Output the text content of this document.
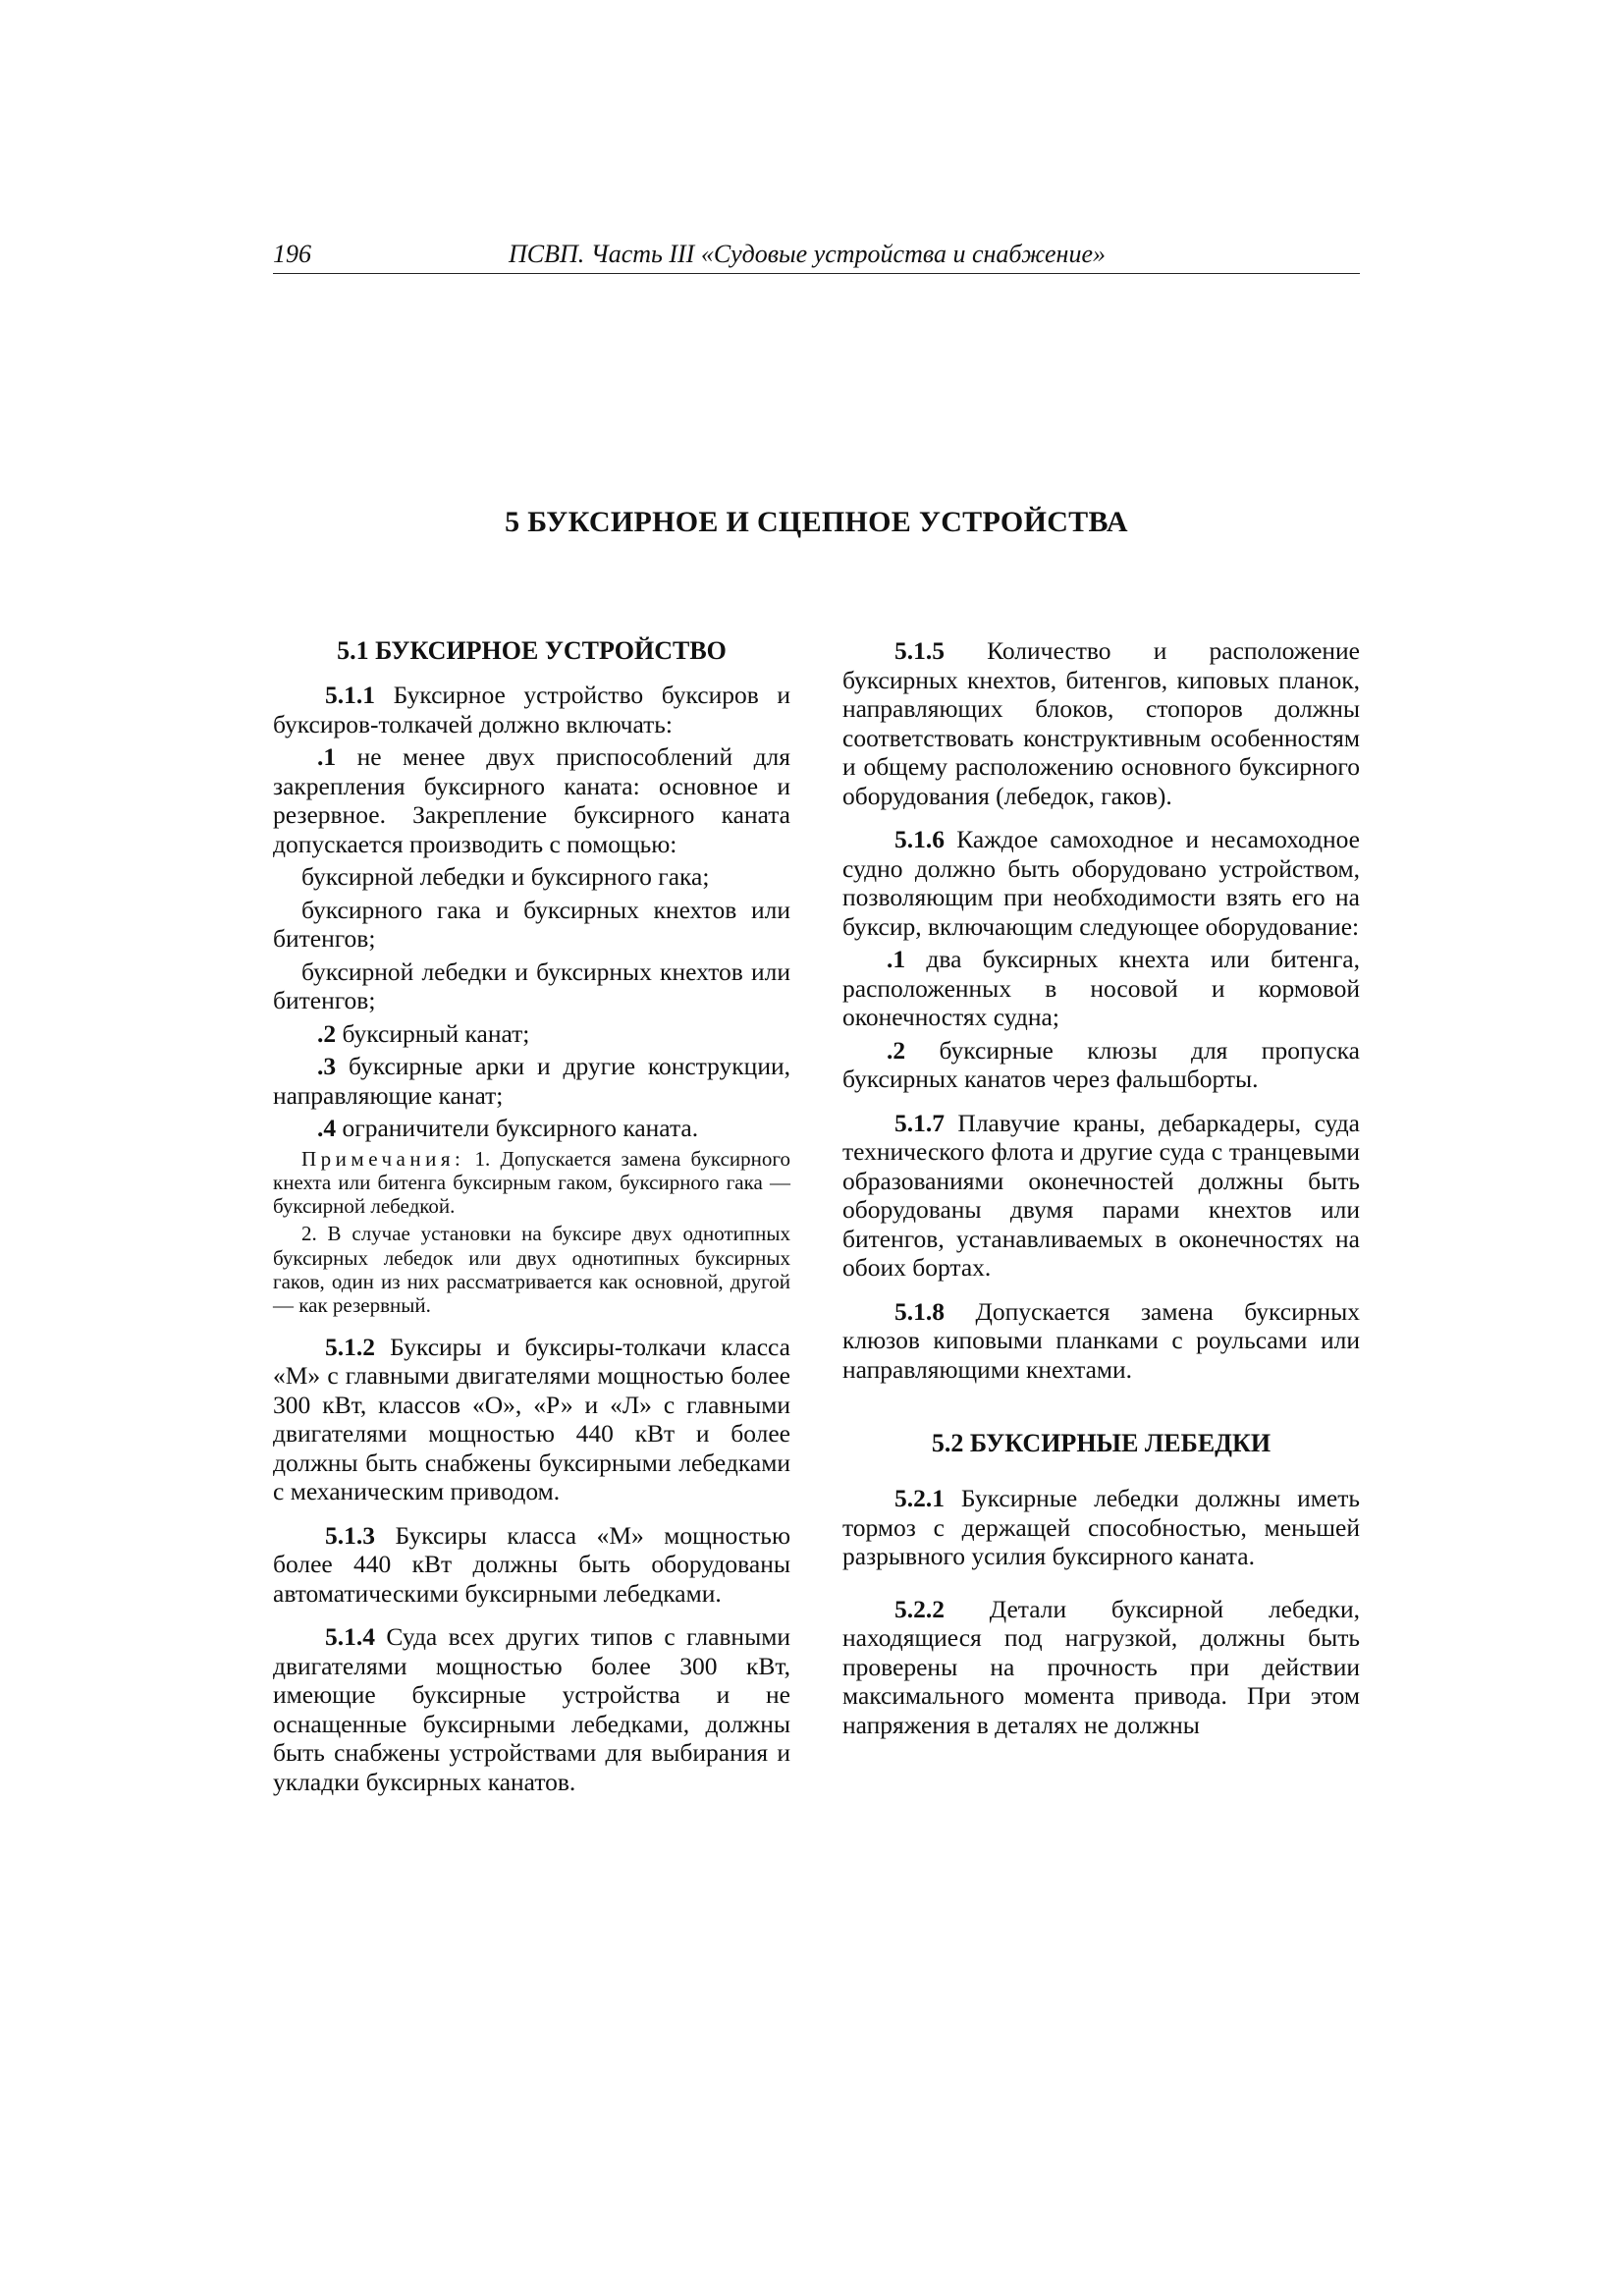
196	ПСВП. Часть III «Судовые устройства и снабжение»
5 БУКСИРНОЕ И СЦЕПНОЕ УСТРОЙСТВА

5.1 БУКСИРНОЕ УСТРОЙСТВО

5.1.1 Буксирное устройство буксиров и буксиров-толкачей должно включать:

.1 не менее двух приспособлений для закрепления буксирного каната: основное и резервное. Закрепление буксирного каната допускается производить с помощью:

буксирной лебедки и буксирного гака;

буксирного гака и буксирных кнехтов или битенгов;

буксирной лебедки и буксирных кнехтов или битенгов;

.2 буксирный канат;

.3 буксирные арки и другие конструкции, направляющие канат;

.4 ограничители буксирного каната.

Примечания: 1. Допускается замена буксирного кнехта или битенга буксирным гаком, буксирного гака — буксирной лебедкой.

2. В случае установки на буксире двух однотипных буксирных лебедок или двух однотипных буксирных гаков, один из них рассматривается как основной, другой — как резервный.

5.1.2 Буксиры и буксиры-толкачи класса «М» с главными двигателями мощностью более 300 кВт, классов «О», «Р» и «Л» с главными двигателями мощностью 440 кВт и более должны быть снабжены буксирными лебедками с механическим приводом.

5.1.3 Буксиры класса «М» мощностью более 440 кВт должны быть оборудованы автоматическими буксирными лебедками.

5.1.4 Суда всех других типов с главными двигателями мощностью более 300 кВт, имеющие буксирные устройства и не оснащенные буксирными лебедками, должны быть снабжены устройствами для выбирания и укладки буксирных канатов.

5.1.5 Количество и расположение буксирных кнехтов, битенгов, киповых планок, направляющих блоков, стопоров должны соответствовать конструктивным особенностям и общему расположению основного буксирного оборудования (лебедок, гаков).

5.1.6 Каждое самоходное и несамоходное судно должно быть оборудовано устройством, позволяющим при необходимости взять его на буксир, включающим следующее оборудование:

.1 два буксирных кнехта или битенга, расположенных в носовой и кормовой оконечностях судна;

.2 буксирные клюзы для пропуска буксирных канатов через фальшборты.

5.1.7 Плавучие краны, дебаркадеры, суда технического флота и другие суда с транцевыми образованиями оконечностей должны быть оборудованы двумя парами кнехтов или битенгов, устанавливаемых в оконечностях на обоих бортах.

5.1.8 Допускается замена буксирных клюзов киповыми планками с роульсами или направляющими кнехтами.

5.2 БУКСИРНЫЕ ЛЕБЕДКИ

5.2.1 Буксирные лебедки должны иметь тормоз с держащей способностью, меньшей разрывного усилия буксирного каната.

5.2.2 Детали буксирной лебедки, находящиеся под нагрузкой, должны быть проверены на прочность при действии максимального момента привода. При этом напряжения в деталях не должны
